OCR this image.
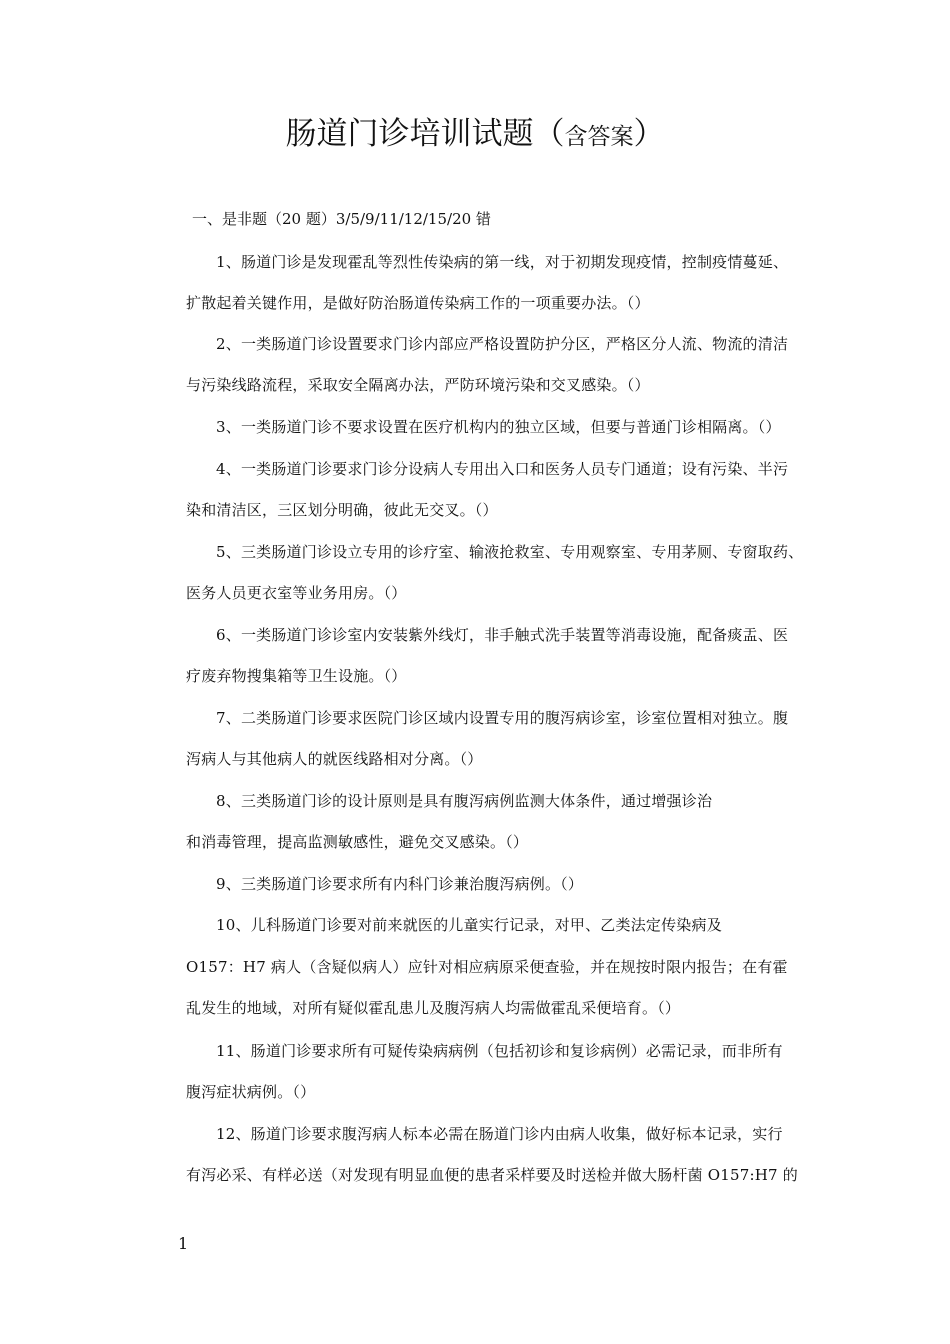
肠道门诊培训试题（含答案）
一、是非题（20 题）3/5/9/11/12/15/20 错
1、肠道门诊是发现霍乱等烈性传染病的第一线，对于初期发现疫情，控制疫情蔓延、
扩散起着关键作用，是做好防治肠道传染病工作的一项重要办法。（）
2、一类肠道门诊设置要求门诊内部应严格设置防护分区，严格区分人流、物流的清洁
与污染线路流程，采取安全隔离办法，严防环境污染和交叉感染。（）
3、一类肠道门诊不要求设置在医疗机构内的独立区域，但要与普通门诊相隔离。（）
4、一类肠道门诊要求门诊分设病人专用出入口和医务人员专门通道；设有污染、半污
染和清洁区，三区划分明确，彼此无交叉。（）
5、三类肠道门诊设立专用的诊疗室、输液抢救室、专用观察室、专用茅厕、专窗取药、
医务人员更衣室等业务用房。（）
6、一类肠道门诊诊室内安装紫外线灯，非手触式洗手装置等消毒设施，配备痰盂、医
疗废弃物搜集箱等卫生设施。（）
7、二类肠道门诊要求医院门诊区域内设置专用的腹泻病诊室，诊室位置相对独立。腹
泻病人与其他病人的就医线路相对分离。（）
8、三类肠道门诊的设计原则是具有腹泻病例监测大体条件，通过增强诊治
和消毒管理，提高监测敏感性，避免交叉感染。（）
9、三类肠道门诊要求所有内科门诊兼治腹泻病例。（）
10、儿科肠道门诊要对前来就医的儿童实行记录，对甲、乙类法定传染病及
O157：H7 病人（含疑似病人）应针对相应病原采便查验，并在规按时限内报告；在有霍
乱发生的地域，对所有疑似霍乱患儿及腹泻病人均需做霍乱采便培育。（）
11、肠道门诊要求所有可疑传染病病例（包括初诊和复诊病例）必需记录，而非所有
腹泻症状病例。（）
12、肠道门诊要求腹泻病人标本必需在肠道门诊内由病人收集，做好标本记录，实行
有泻必采、有样必送（对发现有明显血便的患者采样要及时送检并做大肠杆菌 O157:H7 的
1
